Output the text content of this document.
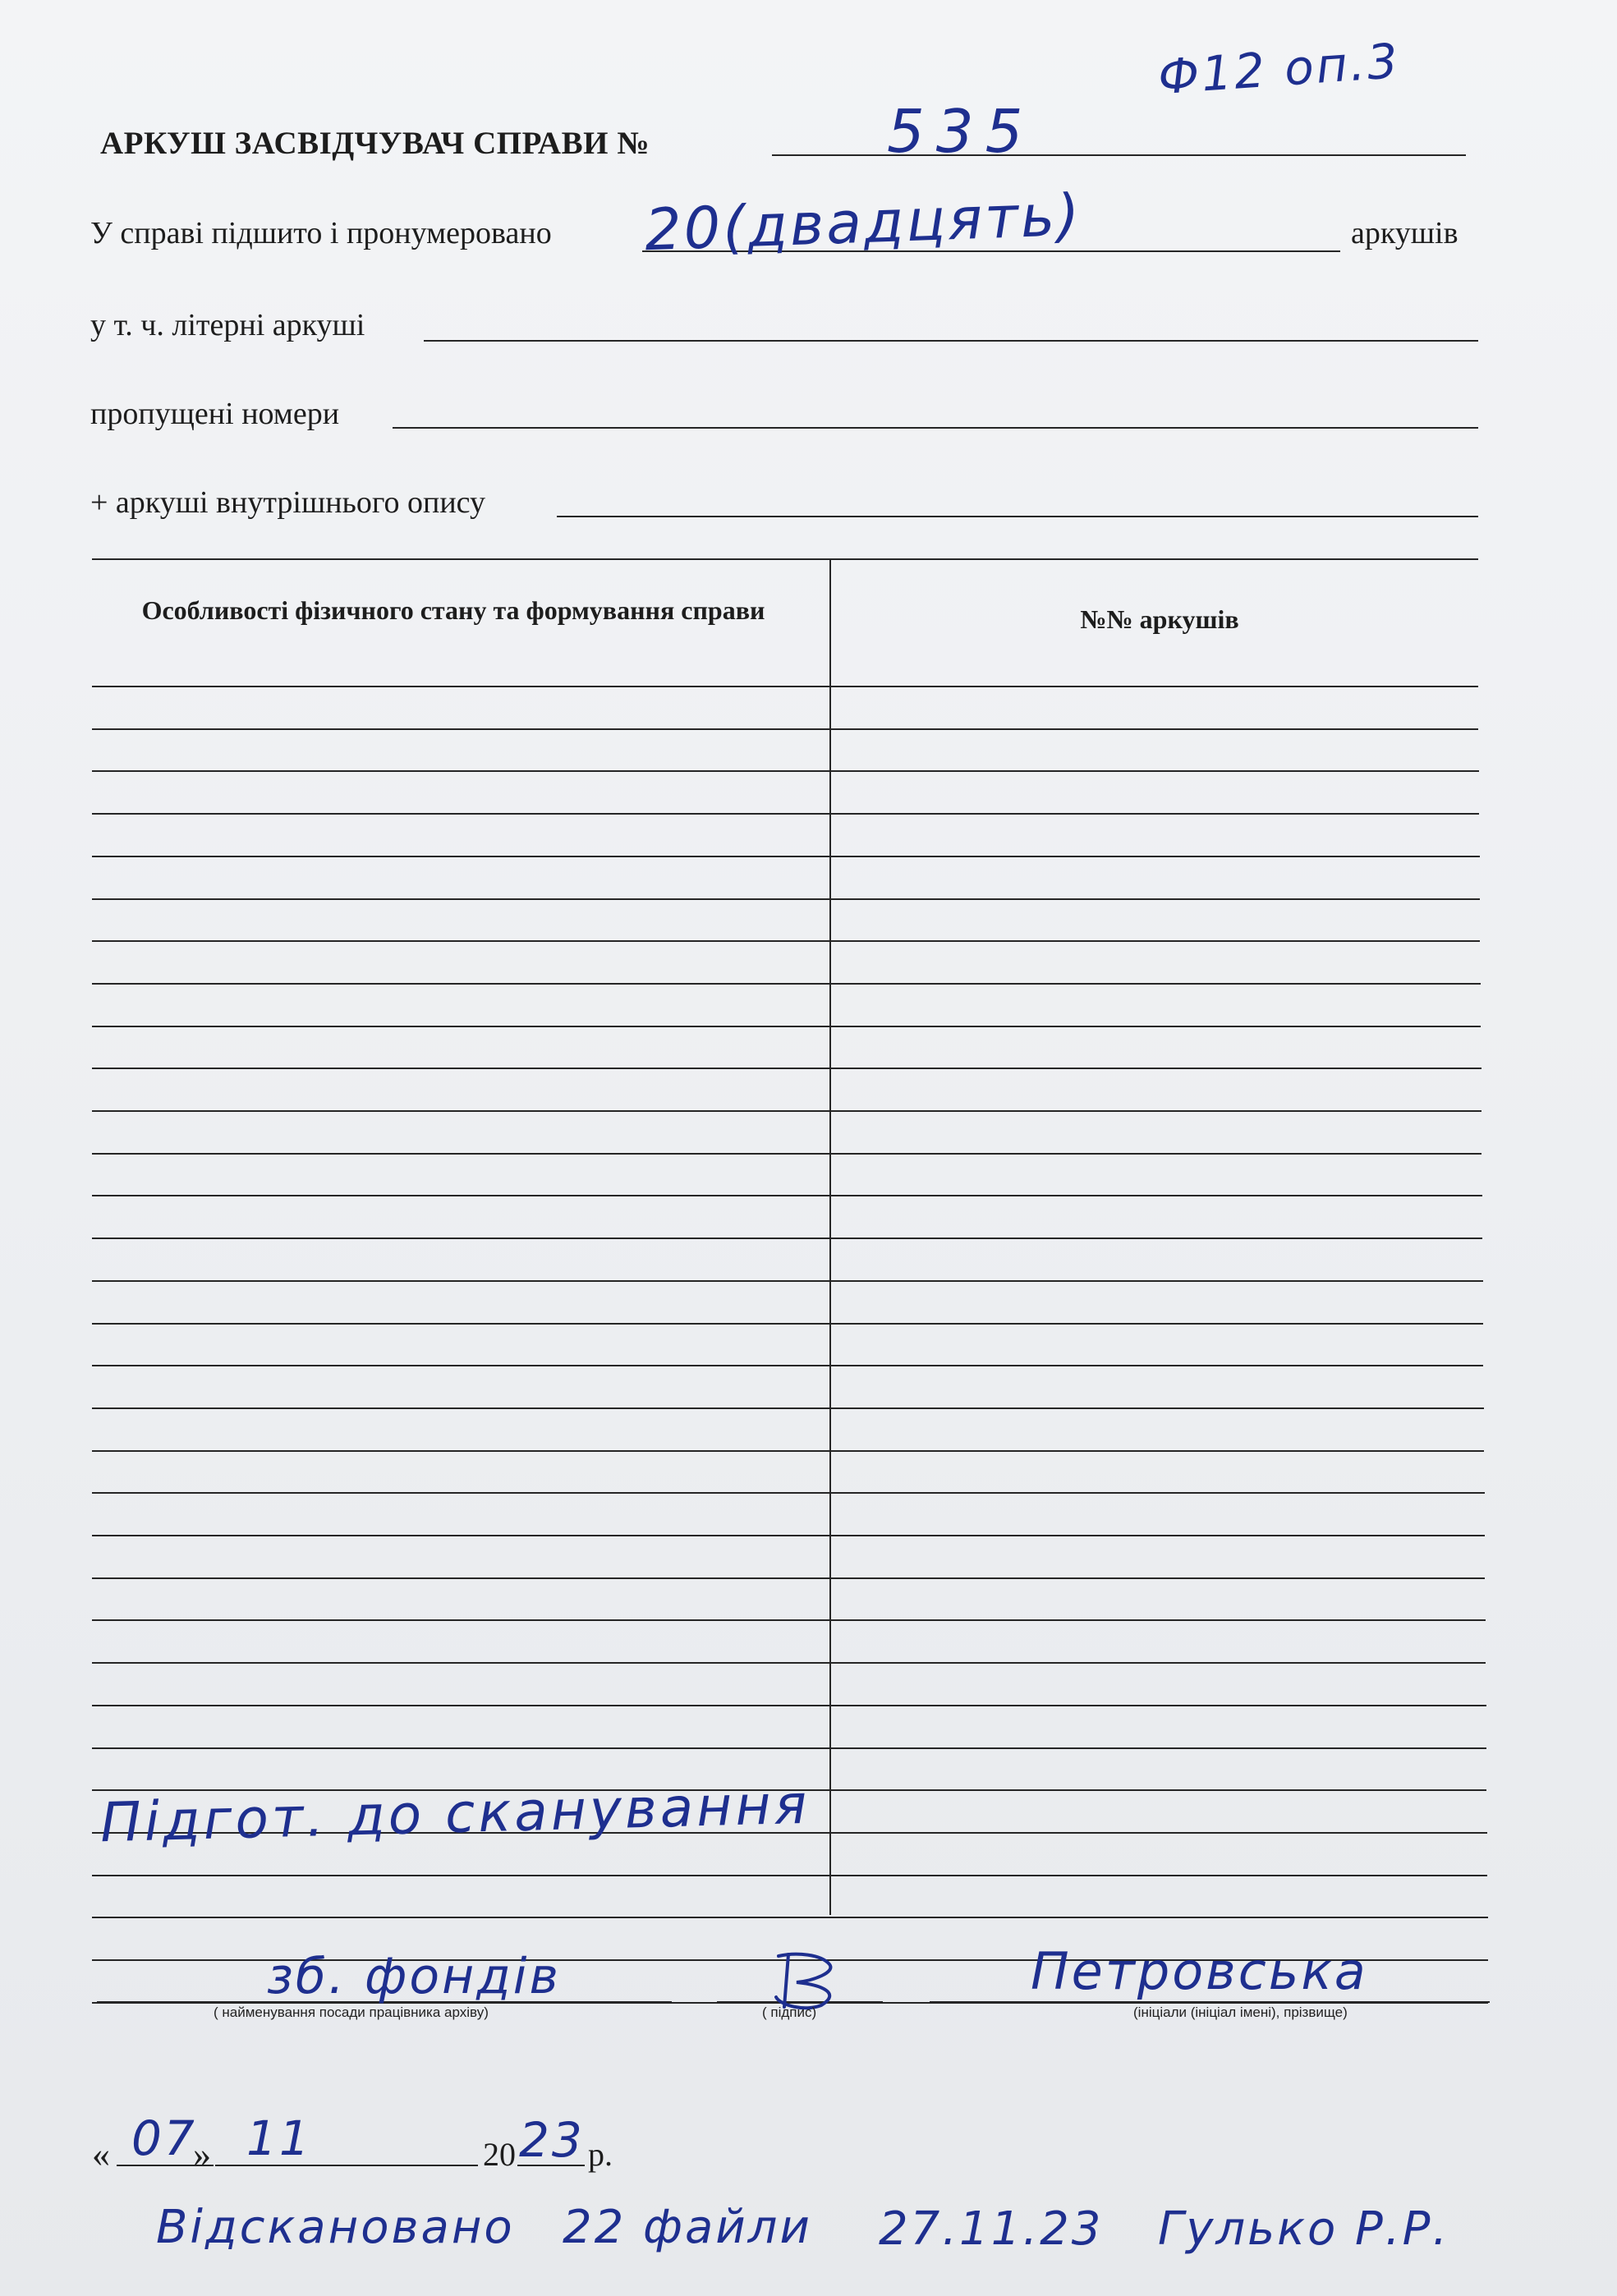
Ф12 оп.3
АРКУШ ЗАСВІДЧУВАЧ СПРАВИ №	535
У справі підшито і пронумеровано 20(двадцять)	аркушів
у т. ч. літерні аркуші
пропущені номери
+ аркуші внутрішнього опису
Особливості фізичного стану та формування справи	№№ аркушів
Підгот. до сканування
зб. фондів
( найменування посади працівника архіву)	( підпис)
Петровська
(ініціали (ініціал імені), прізвище)
« 07
» 11	20 23 р.
Відскановано 22 файли 27.11.23 Гулько Р.Р.
